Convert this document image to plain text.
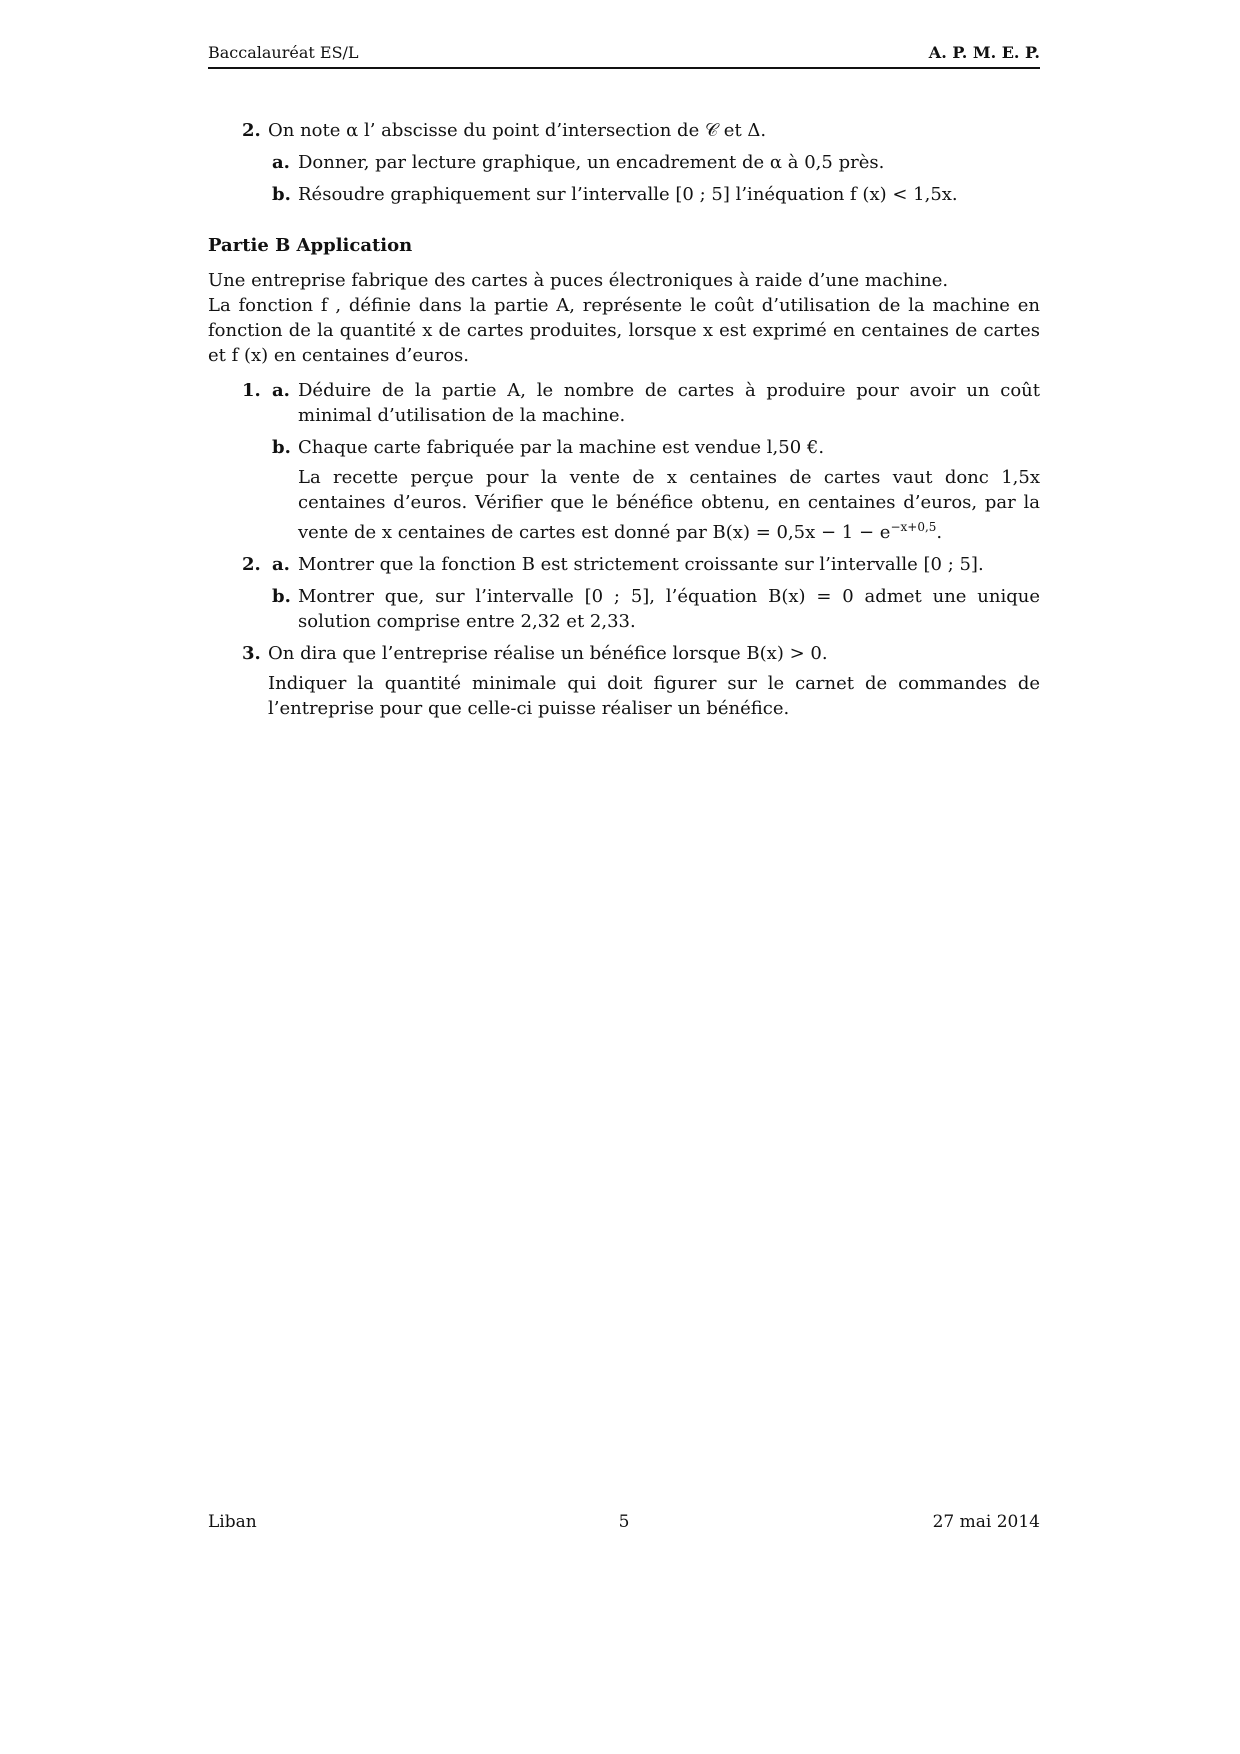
Baccalauréat ES/L	A. P. M. E. P.
2. On note α l’ abscisse du point d’intersection de 𝒞 et Δ.
a. Donner, par lecture graphique, un encadrement de α à 0,5 près.
b. Résoudre graphiquement sur l’intervalle [0 ; 5] l’inéquation f (x) < 1,5x.
Partie B Application
Une entreprise fabrique des cartes à puces électroniques à raide d’une machine.
La fonction f , définie dans la partie A, représente le coût d’utilisation de la machine en fonction de la quantité x de cartes produites, lorsque x est exprimé en centaines de cartes et f (x) en centaines d’euros.
1. a. Déduire de la partie A, le nombre de cartes à produire pour avoir un coût minimal d’utilisation de la machine.
b. Chaque carte fabriquée par la machine est vendue l,50 €.
La recette perçue pour la vente de x centaines de cartes vaut donc 1,5x centaines d’euros. Vérifier que le bénéfice obtenu, en centaines d’euros, par la vente de x centaines de cartes est donné par $B(x) = 0,5x - 1 - e^{-x+0,5}$.
2. a. Montrer que la fonction B est strictement croissante sur l’intervalle [0 ; 5].
b. Montrer que, sur l’intervalle [0 ; 5], l’équation B(x) = 0 admet une unique solution comprise entre 2,32 et 2,33.
3. On dira que l’entreprise réalise un bénéfice lorsque B(x) > 0.
Indiquer la quantité minimale qui doit figurer sur le carnet de commandes de l’entreprise pour que celle-ci puisse réaliser un bénéfice.
Liban	5	27 mai 2014
